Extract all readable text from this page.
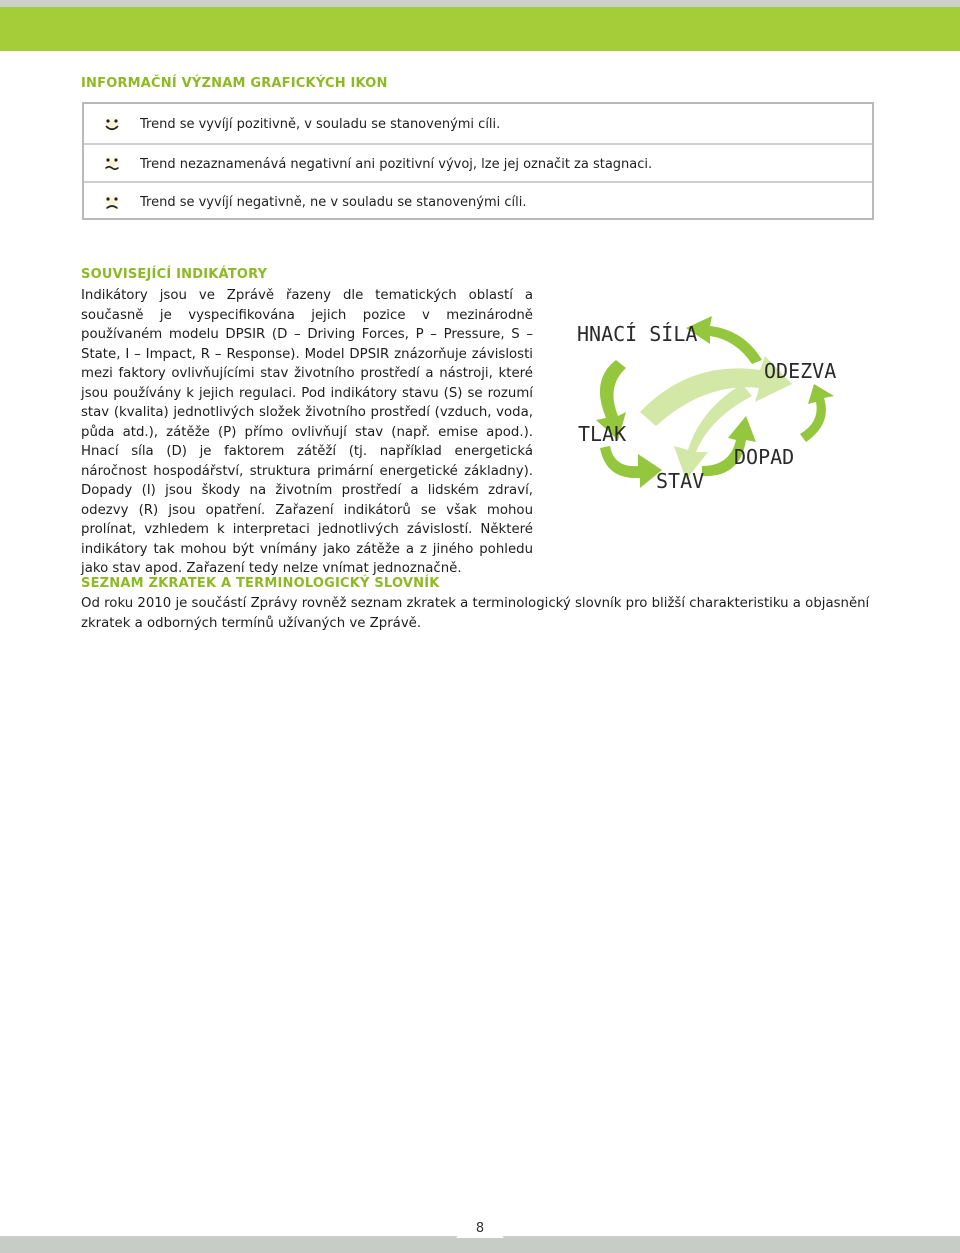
INFORMAČNÍ VÝZNAM GRAFICKÝCH IKON
Trend se vyvíjí pozitivně, v souladu se stanovenými cíli.
Trend nezaznamenává negativní ani pozitivní vývoj, lze jej označit za stagnaci.
Trend se vyvíjí negativně, ne v souladu se stanovenými cíli.
SOUVISEJÍCÍ INDIKÁTORY

Indikátory jsou ve Zprávě řazeny dle tematických oblastí a současně je vyspecifikována jejich pozice v mezinárodně používaném modelu DPSIR (D – Driving Forces, P – Pressure, S – State, I – Impact, R – Response). Model DPSIR znázorňuje závislosti mezi faktory ovlivňujícími stav životního prostředí a nástroji, které jsou používány k jejich regulaci. Pod indikátory stavu (S) se rozumí stav (kvalita) jednotlivých složek životního prostředí (vzduch, voda, půda atd.), zátěže (P) přímo ovlivňují stav (např. emise apod.). Hnací síla (D) je faktorem zátěží (tj. například energetická náročnost hospodářství, struktura primární energetické základny). Dopady (I) jsou škody na životním prostředí a lidském zdraví, odezvy (R) jsou opatření. Zařazení indikátorů se však mohou prolínat, vzhledem k interpretaci jednotlivých závislostí. Některé indikátory tak mohou být vnímány jako zátěže a z jiného pohledu jako stav apod. Zařazení tedy nelze vnímat jednoznačně.

HNACÍ SÍLA
TLAK
STAV
DOPAD
ODEZVA
SEZNAM ZKRATEK A TERMINOLOGICKÝ SLOVNÍK

Od roku 2010 je součástí Zprávy rovněž seznam zkratek a terminologický slovník pro bližší charakteristiku a objasnění zkratek a odborných termínů užívaných ve Zprávě.

8
